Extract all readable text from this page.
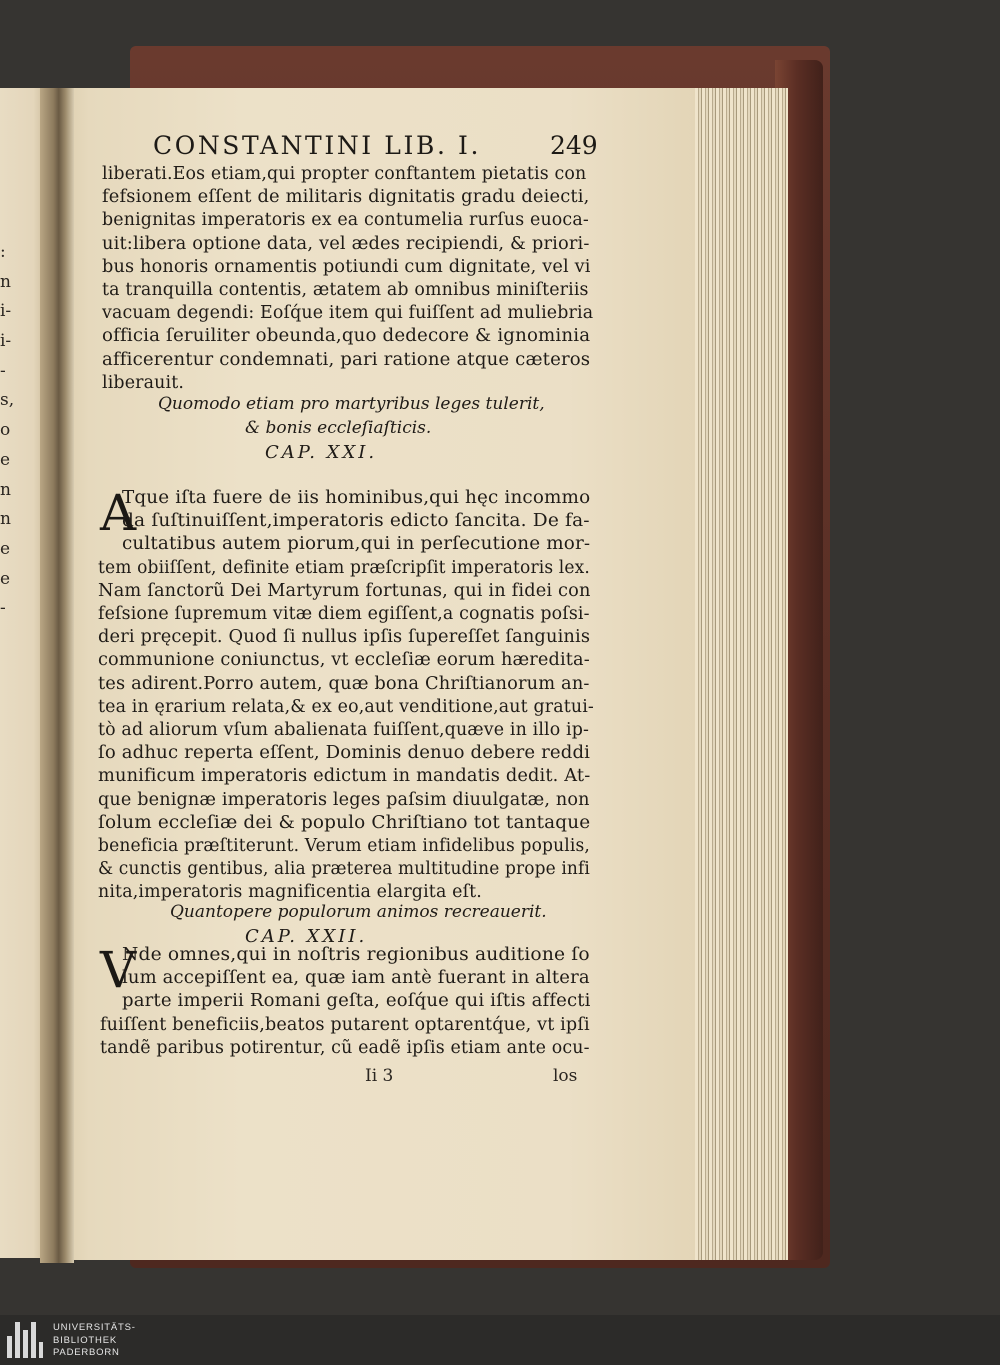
:
n
i-
i-
-
s,
o
e
n
n
e
e
-
CONSTANTINI LIB. I.	249
liberati.Eos etiam,qui propter conftantem pietatis con
fefsionem eſſent de militaris dignitatis gradu deiecti,
benignitas imperatoris ex ea contumelia rurſus euoca-
uit:libera optione data, vel ædes recipiendi, & priori-
bus honoris ornamentis potiundi cum dignitate, vel vi
ta tranquilla contentis, ætatem ab omnibus miniſteriis
vacuam degendi: Eoſq́ue item qui fuiſſent ad muliebria
officia ſeruiliter obeunda,quo dedecore & ignominia
afficerentur condemnati, pari ratione atque cæteros
liberauit.
Quomodo etiam pro martyribus leges tulerit,
& bonis eccleſiaſticis.
CAP. XXI.
A
Tque iſta fuere de iis hominibus,qui hęc incommo
da ſuſtinuiſſent,imperatoris edicto ſancita. De fa-
cultatibus autem piorum,qui in perſecutione mor-
tem obiiſſent, definite etiam præſcripſit imperatoris lex.
Nam ſanctorũ Dei Martyrum fortunas, qui in fidei con
feſsione ſupremum vitæ diem egiſſent,a cognatis poſsi-
deri pręcepit. Quod ſi nullus ipſis ſupereſſet ſanguinis
communione coniunctus, vt eccleſiæ eorum hæredita-
tes adirent.Porro autem, quæ bona Chriſtianorum an-
tea in ęrarium relata,& ex eo,aut venditione,aut gratui-
tò ad aliorum vſum abalienata fuiſſent,quæve in illo ip-
ſo adhuc reperta eſſent, Dominis denuo debere reddi
munificum imperatoris edictum in mandatis dedit. At-
que benignæ imperatoris leges paſsim diuulgatæ, non
ſolum eccleſiæ dei & populo Chriſtiano tot tantaque
beneficia præſtiterunt. Verum etiam infidelibus populis,
& cunctis gentibus, alia præterea multitudine prope infi
nita,imperatoris magnificentia elargita eſt.
Quantopere populorum animos recreauerit.
CAP. XXII.
V
Nde omnes,qui in noſtris regionibus auditione ſo
lum accepiſſent ea, quæ iam antè fuerant in altera
parte imperii Romani geſta, eoſq́ue qui iſtis affecti
fuiſſent beneficiis,beatos putarent optarentq́ue, vt ipſi
tandẽ paribus potirentur, cũ eadẽ ipſis etiam ante ocu-
Ii 3	los
UNIVERSITÄTS-
BIBLIOTHEK
PADERBORN
